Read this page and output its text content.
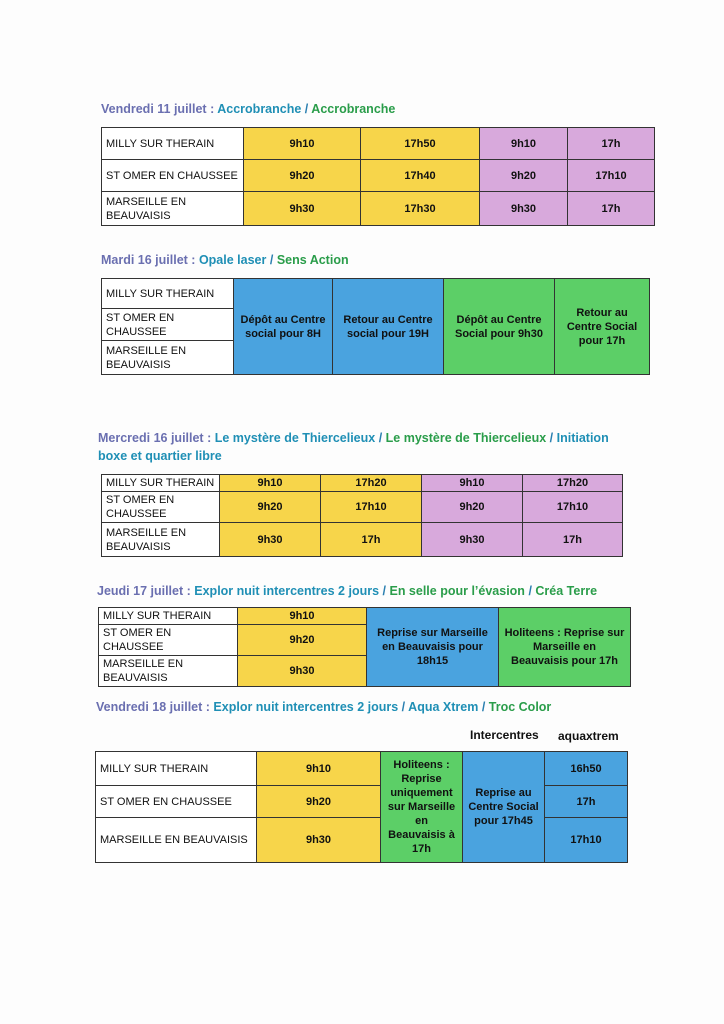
Vendredi 11 juillet : Accrobranche / Accrobranche
MILLY SUR THERAIN	9h10	17h50	9h10	17h
ST OMER EN CHAUSSEE	9h20	17h40	9h20	17h10
MARSEILLE EN BEAUVAISIS	9h30	17h30	9h30	17h
Mardi 16 juillet : Opale laser / Sens Action
MILLY SUR THERAIN	Dépôt au Centre social pour 8H	Retour au Centre social pour 19H	Dépôt au Centre Social pour 9h30	Retour au Centre Social pour 17h
ST OMER EN CHAUSSEE
MARSEILLE EN BEAUVAISIS
Mercredi 16 juillet : Le mystère de Thiercelieux / Le mystère de Thiercelieux / Initiation boxe et quartier libre
MILLY SUR THERAIN	9h10	17h20	9h10	17h20
ST OMER EN CHAUSSEE	9h20	17h10	9h20	17h10
MARSEILLE EN BEAUVAISIS	9h30	17h	9h30	17h
Jeudi 17 juillet : Explor nuit intercentres 2 jours / En selle pour l’évasion / Créa Terre
MILLY SUR THERAIN	9h10	Reprise sur Marseille en Beauvaisis pour 18h15	Holiteens : Reprise sur Marseille en Beauvaisis pour 17h
ST OMER EN CHAUSSEE	9h20		
MARSEILLE EN BEAUVAISIS	9h30		
Vendredi 18 juillet : Explor nuit intercentres 2 jours / Aqua Xtrem / Troc Color
Intercentres aquaxtrem
MILLY SUR THERAIN	9h10	Holiteens : Reprise uniquement sur Marseille en Beauvaisis à 17h	Reprise au Centre Social pour 17h45	16h50
ST OMER EN CHAUSSEE	9h20			17h
MARSEILLE EN BEAUVAISIS	9h30			17h10
